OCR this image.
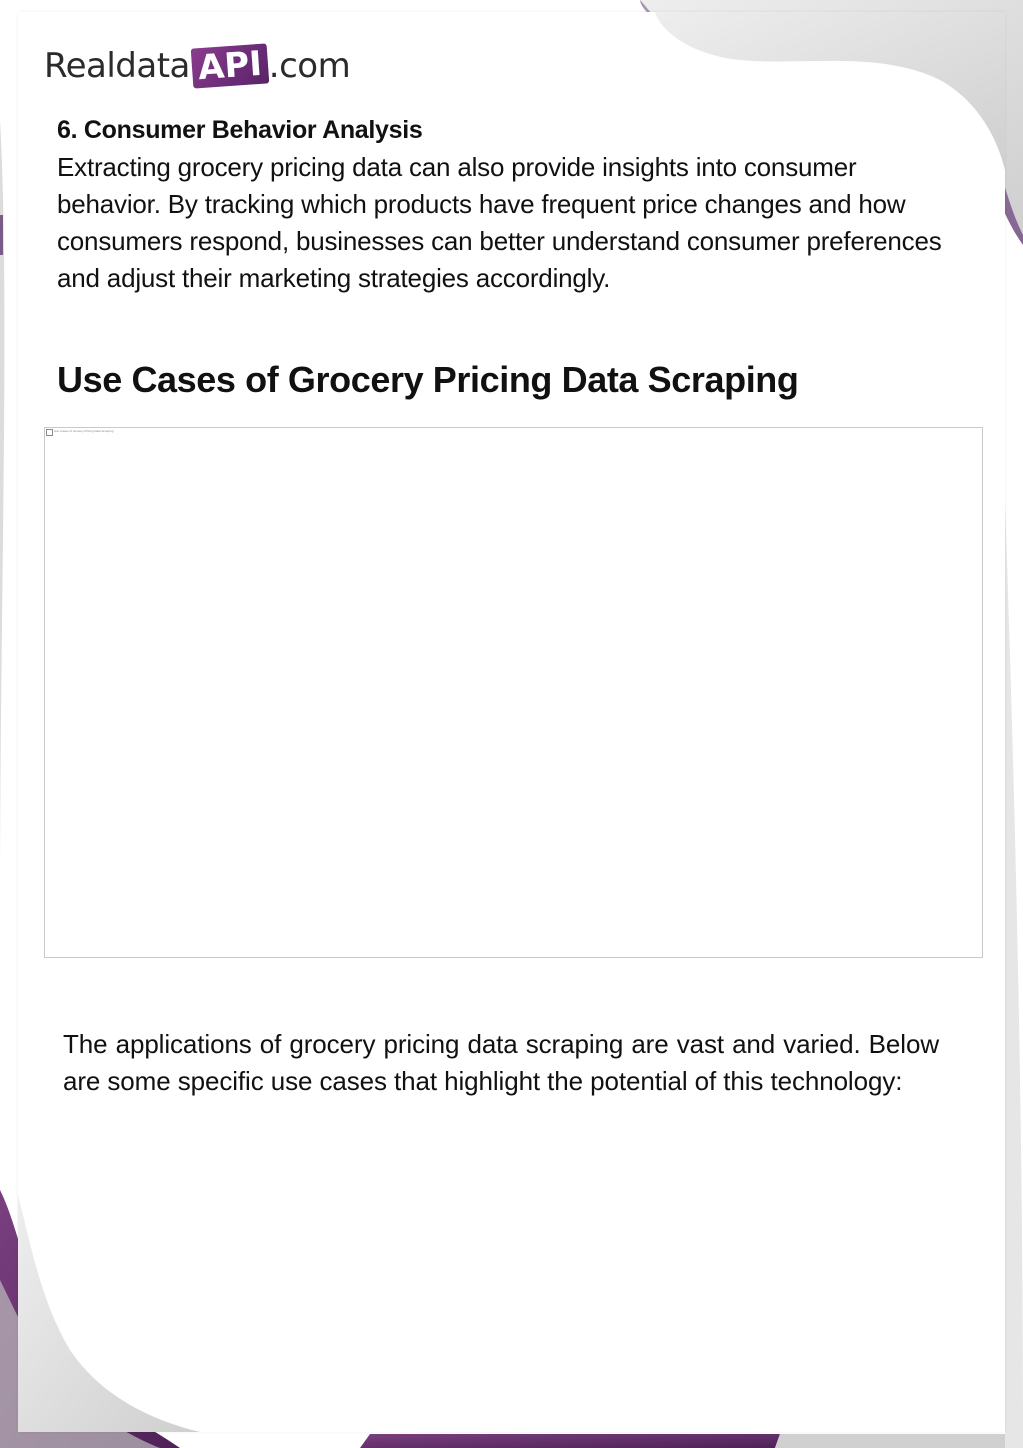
Realdata API .com
6. Consumer Behavior Analysis
Extracting grocery pricing data can also provide insights into consumer behavior. By tracking which products have frequent price changes and how consumers respond, businesses can better understand consumer preferences and adjust their marketing strategies accordingly.
Use Cases of Grocery Pricing Data Scraping
Use Cases of Grocery Pricing Data Scraping
The applications of grocery pricing data scraping are vast and varied. Below are some specific use cases that highlight the potential of this technology:
